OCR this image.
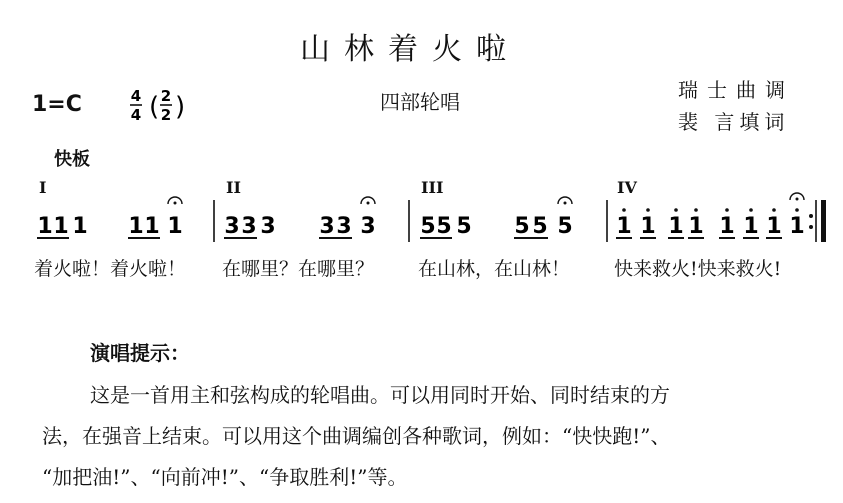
山林着火啦
1=C	4
4 ( 2
2 )	四部轮唱	瑞士曲调
裴 言填词
快板
I	II	III	IV
1 1 1 1 1 1 3 3 3 3 3 3 5 5 5 5 5 5 1 1 1 1 1 1 1 1
着火啦！着火啦！ 在哪里？在哪里？ 在山林，在山林！ 快来救火!快来救火!
演唱提示：
这是一首用主和弦构成的轮唱曲。可以用同时开始、同时结束的方
法，在强音上结束。可以用这个曲调编创各种歌词，例如：“快快跑!”、
“加把油!”、“向前冲!”、“争取胜利!”等。
